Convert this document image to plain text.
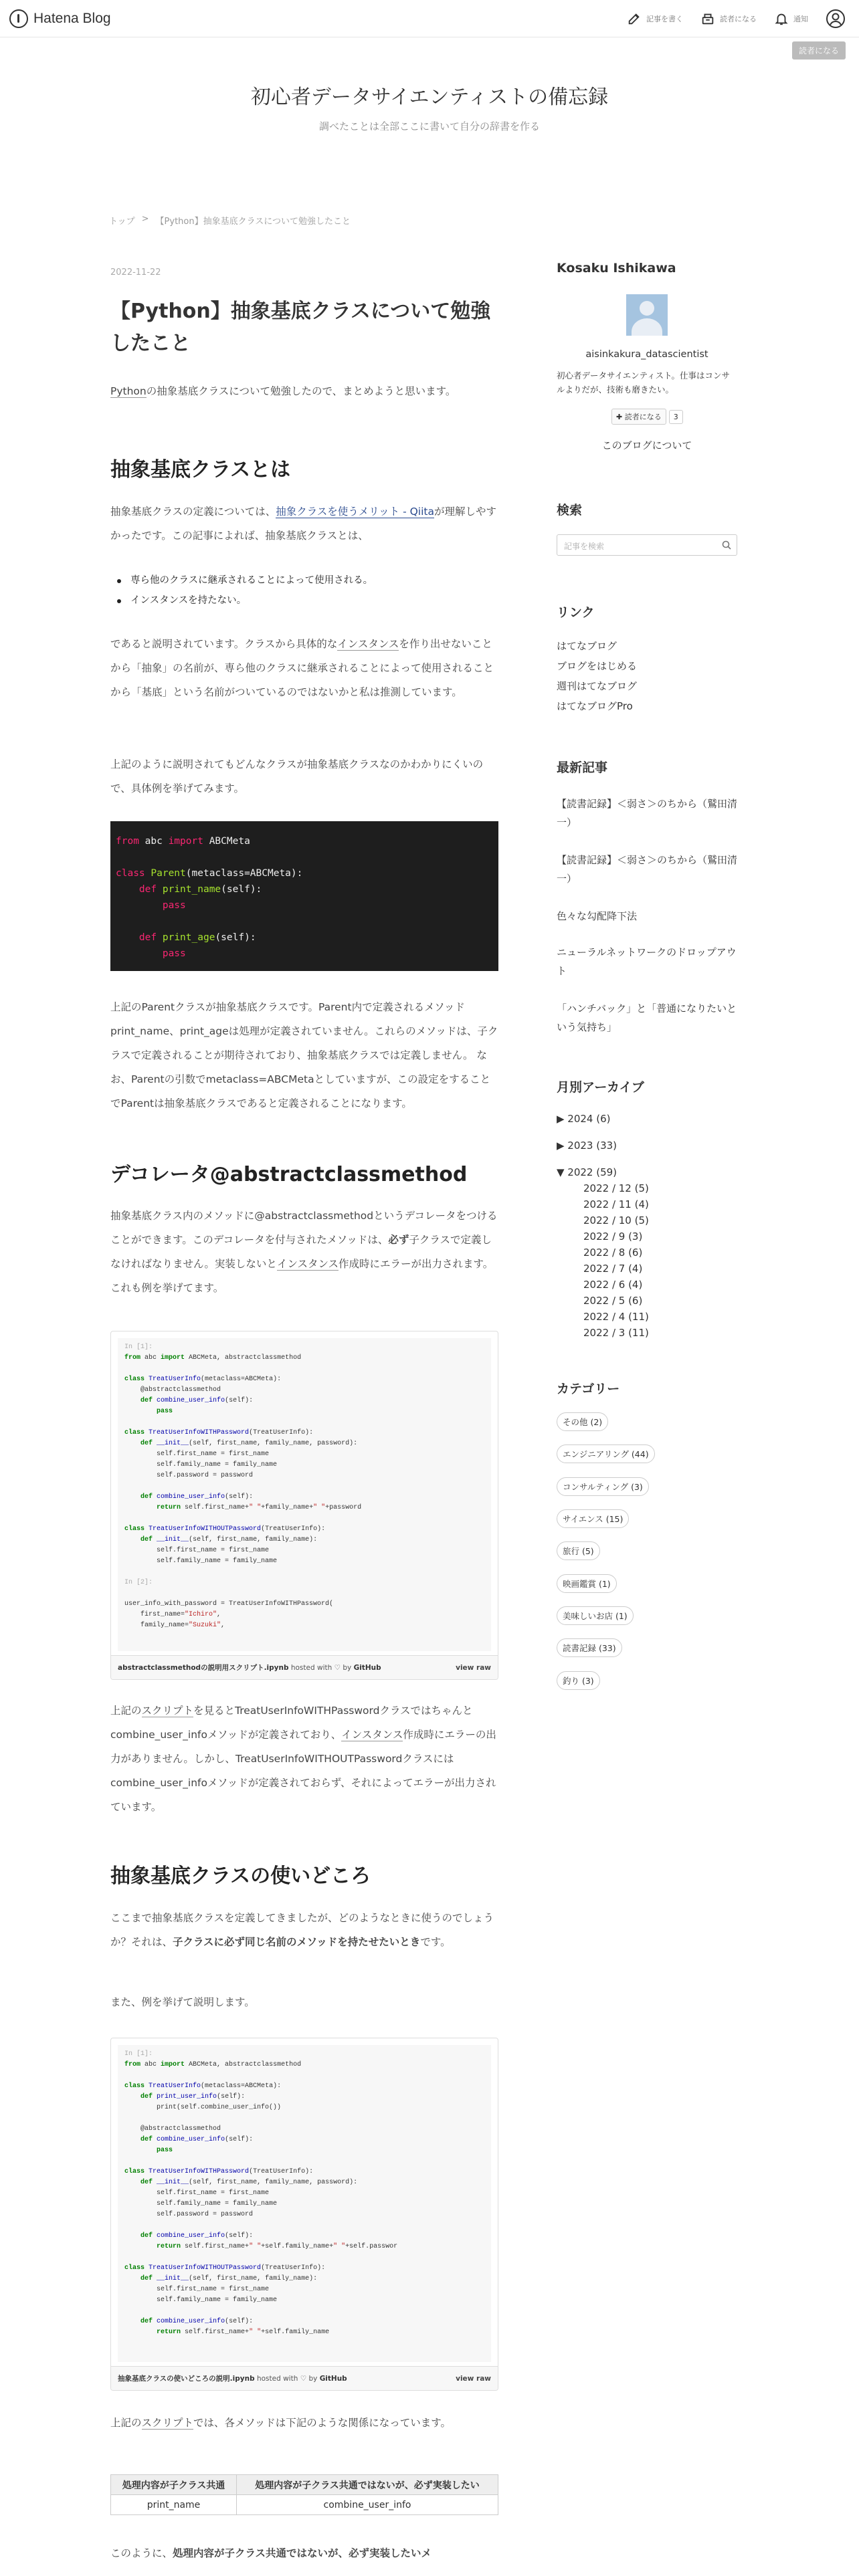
Hatena Blog	記事を書く	読者になる	通知
読者になる
初心者データサイエンティストの備忘録

調べたことは全部ここに書いて自分の辞書を作る

トップ > 【Python】抽象基底クラスについて勉強したこと
2022-11-22
【Python】抽象基底クラスについて勉強したこと

Pythonの抽象基底クラスについて勉強したので、まとめようと思います。

抽象基底クラスとは

抽象基底クラスの定義については、抽象クラスを使うメリット - Qiitaが理解しやすかったです。この記事によれば、抽象基底クラスとは、

専ら他のクラスに継承されることによって使用される。
インスタンスを持たない。

であると説明されています。クラスから具体的なインスタンスを作り出せないことから「抽象」の名前が、専ら他のクラスに継承されることによって使用されることから「基底」という名前がついているのではないかと私は推測しています。

上記のように説明されてもどんなクラスが抽象基底クラスなのかわかりにくいので、具体例を挙げてみます。

from abc import ABCMeta
class Parent(metaclass=ABCMeta):
def print_name(self):
pass
def print_age(self):
pass

上記のParentクラスが抽象基底クラスです。Parent内で定義されるメソッドprint_name、print_ageは処理が定義されていません。これらのメソッドは、子クラスで定義されることが期待されており、抽象基底クラスでは定義しません。 なお、Parentの引数でmetaclass=ABCMetaとしていますが、この設定をすることでParentは抽象基底クラスであると定義されることになります。

デコレータ@abstractclassmethod

抽象基底クラス内のメソッドに@abstractclassmethodというデコレータをつけることができます。このデコレータを付与されたメソッドは、必ず子クラスで定義しなければなりません。実装しないとインスタンス作成時にエラーが出力されます。 これも例を挙げてます。

In [1]:
from abc import ABCMeta, abstractclassmethod
class TreatUserInfo(metaclass=ABCMeta):
@abstractclassmethod
def combine_user_info(self):
pass
class TreatUserInfoWITHPassword(TreatUserInfo):
def __init__(self, first_name, family_name, password):
self.first_name = first_name
self.family_name = family_name
self.password = password
def combine_user_info(self):
return self.first_name+" "+family_name+" "+password
class TreatUserInfoWITHOUTPassword(TreatUserInfo):
def __init__(self, first_name, family_name):
self.first_name = first_name
self.family_name = family_name
In [2]:
user_info_with_password = TreatUserInfoWITHPassword(
first_name="Ichiro",
family_name="Suzuki",
abstractclassmethodの説明用スクリプト.ipynb hosted with ♡ by GitHub	view raw

上記のスクリプトを見るとTreatUserInfoWITHPasswordクラスではちゃんとcombine_user_infoメソッドが定義されており、インスタンス作成時にエラーの出力がありません。しかし、TreatUserInfoWITHOUTPasswordクラスにはcombine_user_infoメソッドが定義されておらず、それによってエラーが出力されています。

抽象基底クラスの使いどころ

ここまで抽象基底クラスを定義してきましたが、どのようなときに使うのでしょうか？それは、子クラスに必ず同じ名前のメソッドを持たせたいときです。

また、例を挙げて説明します。

In [1]:
from abc import ABCMeta, abstractclassmethod
class TreatUserInfo(metaclass=ABCMeta):
def print_user_info(self):
print(self.combine_user_info())
@abstractclassmethod
def combine_user_info(self):
pass
class TreatUserInfoWITHPassword(TreatUserInfo):
def __init__(self, first_name, family_name, password):
self.first_name = first_name
self.family_name = family_name
self.password = password
def combine_user_info(self):
return self.first_name+" "+self.family_name+" "+self.passwor
class TreatUserInfoWITHOUTPassword(TreatUserInfo):
def __init__(self, first_name, family_name):
self.first_name = first_name
self.family_name = family_name
def combine_user_info(self):
return self.first_name+" "+self.family_name
抽象基底クラスの使いどころの説明.ipynb hosted with ♡ by GitHub	view raw

上記のスクリプトでは、各メソッドは下記のような関係になっています。

処理内容が子クラス共通	処理内容が子クラス共通ではないが、必ず実装したい
print_name	combine_user_info

このように、処理内容が子クラス共通ではないが、必ず実装したいメ

Kosaku Ishikawa
aisinkakura_datascientist
初心者データサイエンティスト。仕事はコンサルよりだが、技術も磨きたい。
✚ 読者になる	3
このブログについて
検索
記事を検索
リンク
はてなブログ
ブログをはじめる
週刊はてなブログ
はてなブログPro
最新記事
【読書記録】＜弱さ＞のちから（鷲田清一）
【読書記録】＜弱さ＞のちから（鷲田清一）
色々な勾配降下法
ニューラルネットワークのドロップアウト
「ハンチバック」と「普通になりたいという気持ち」
月別アーカイブ
▶ 2024 (6)
▶ 2023 (33)
▼ 2022 (59)
2022 / 12 (5)
2022 / 11 (4)
2022 / 10 (5)
2022 / 9 (3)
2022 / 8 (6)
2022 / 7 (4)
2022 / 6 (4)
2022 / 5 (6)
2022 / 4 (11)
2022 / 3 (11)
カテゴリー
その他 (2)
エンジニアリング (44)
コンサルティング (3)
サイエンス (15)
旅行 (5)
映画鑑賞 (1)
美味しいお店 (1)
読書記録 (33)
釣り (3)
